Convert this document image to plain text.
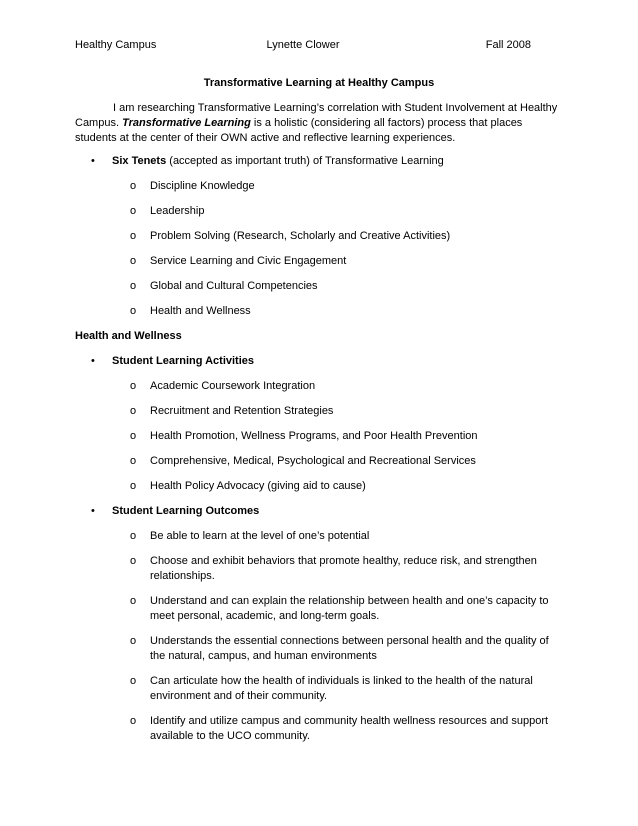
Healthy Campus	Lynette Clower	Fall 2008

Transformative Learning at Healthy Campus

I am researching Transformative Learning’s correlation with Student Involvement at Healthy Campus. Transformative Learning is a holistic (considering all factors) process that places students at the center of their OWN active and reflective learning experiences.

• Six Tenets (accepted as important truth) of Transformative Learning
o Discipline Knowledge
o Leadership
o Problem Solving (Research, Scholarly and Creative Activities)
o Service Learning and Civic Engagement
o Global and Cultural Competencies
o Health and Wellness

Health and Wellness

• Student Learning Activities
o Academic Coursework Integration
o Recruitment and Retention Strategies
o Health Promotion, Wellness Programs, and Poor Health Prevention
o Comprehensive, Medical, Psychological and Recreational Services
o Health Policy Advocacy (giving aid to cause)
• Student Learning Outcomes
o Be able to learn at the level of one’s potential
o Choose and exhibit behaviors that promote healthy, reduce risk, and strengthen relationships.
o Understand and can explain the relationship between health and one’s capacity to meet personal, academic, and long-term goals.
o Understands the essential connections between personal health and the quality of the natural, campus, and human environments
o Can articulate how the health of individuals is linked to the health of the natural environment and of their community.
o Identify and utilize campus and community health wellness resources and support available to the UCO community.
